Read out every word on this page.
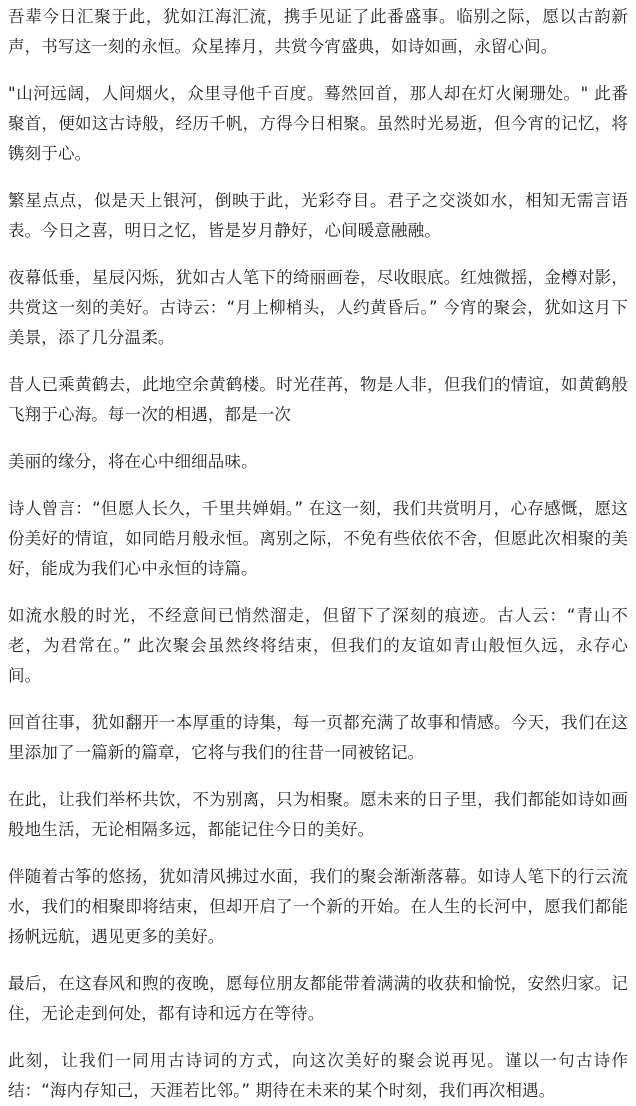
吾辈今日汇聚于此，犹如江海汇流，携手见证了此番盛事。临别之际，愿以古韵新声，书写这一刻的永恒。众星捧月，共赏今宵盛典，如诗如画，永留心间。

"山河远阔，人间烟火，众里寻他千百度。蓦然回首，那人却在灯火阑珊处。" 此番聚首，便如这古诗般，经历千帆，方得今日相聚。虽然时光易逝，但今宵的记忆，将镌刻于心。

繁星点点，似是天上银河，倒映于此，光彩夺目。君子之交淡如水，相知无需言语表。今日之喜，明日之忆，皆是岁月静好，心间暖意融融。

夜幕低垂，星辰闪烁，犹如古人笔下的绮丽画卷，尽收眼底。红烛微摇，金樽对影，共赏这一刻的美好。古诗云：“月上柳梢头，人约黄昏后。” 今宵的聚会，犹如这月下美景，添了几分温柔。

昔人已乘黄鹤去，此地空余黄鹤楼。时光荏苒，物是人非，但我们的情谊，如黄鹤般飞翔于心海。每一次的相遇，都是一次

美丽的缘分，将在心中细细品味。

诗人曾言：“但愿人长久，千里共婵娟。” 在这一刻，我们共赏明月，心存感慨，愿这份美好的情谊，如同皓月般永恒。离别之际，不免有些依依不舍，但愿此次相聚的美好，能成为我们心中永恒的诗篇。

如流水般的时光，不经意间已悄然溜走，但留下了深刻的痕迹。古人云：“青山不老，为君常在。” 此次聚会虽然终将结束，但我们的友谊如青山般恒久远，永存心间。

回首往事，犹如翻开一本厚重的诗集，每一页都充满了故事和情感。今天，我们在这里添加了一篇新的篇章，它将与我们的往昔一同被铭记。

在此，让我们举杯共饮，不为别离，只为相聚。愿未来的日子里，我们都能如诗如画般地生活，无论相隔多远，都能记住今日的美好。

伴随着古筝的悠扬，犹如清风拂过水面，我们的聚会渐渐落幕。如诗人笔下的行云流水，我们的相聚即将结束，但却开启了一个新的开始。在人生的长河中，愿我们都能扬帆远航，遇见更多的美好。

最后，在这春风和煦的夜晚，愿每位朋友都能带着满满的收获和愉悦，安然归家。记住，无论走到何处，都有诗和远方在等待。

此刻，让我们一同用古诗词的方式，向这次美好的聚会说再见。谨以一句古诗作结：“海内存知己，天涯若比邻。” 期待在未来的某个时刻，我们再次相遇。
